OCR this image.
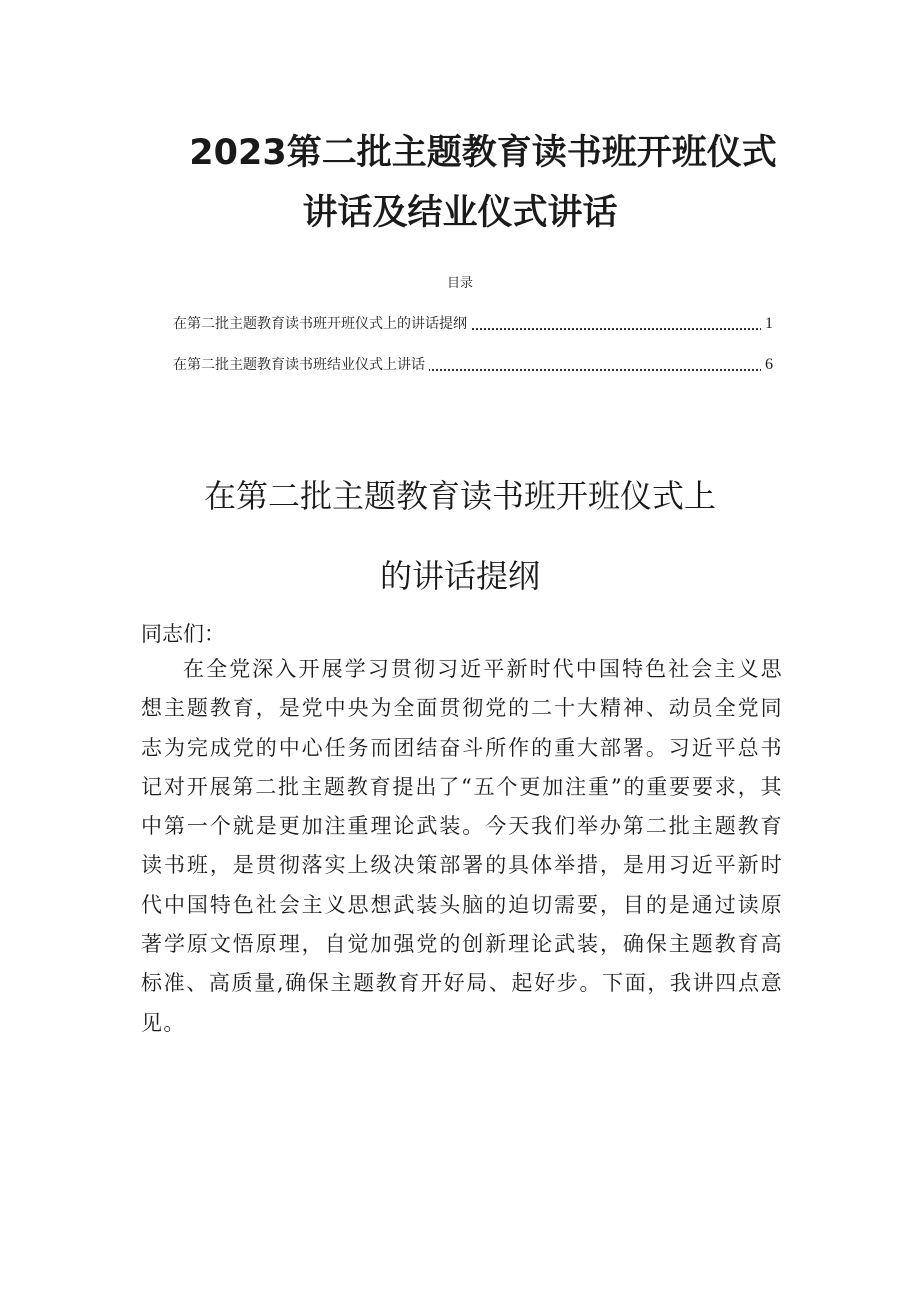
2023第二批主题教育读书班开班仪式
讲话及结业仪式讲话

目录

在第二批主题教育读书班开班仪式上的讲话提纲	1
在第二批主题教育读书班结业仪式上讲话	6
在第二批主题教育读书班开班仪式上
的讲话提纲

同志们：

在全党深入开展学习贯彻习近平新时代中国特色社会主义思想主题教育，是党中央为全面贯彻党的二十大精神、动员全党同志为完成党的中心任务而团结奋斗所作的重大部署。习近平总书记对开展第二批主题教育提出了“五个更加注重”的重要要求，其中第一个就是更加注重理论武装。今天我们举办第二批主题教育读书班，是贯彻落实上级决策部署的具体举措，是用习近平新时代中国特色社会主义思想武装头脑的迫切需要，目的是通过读原著学原文悟原理，自觉加强党的创新理论武装，确保主题教育高标准、高质量,确保主题教育开好局、起好步。下面，我讲四点意见。
